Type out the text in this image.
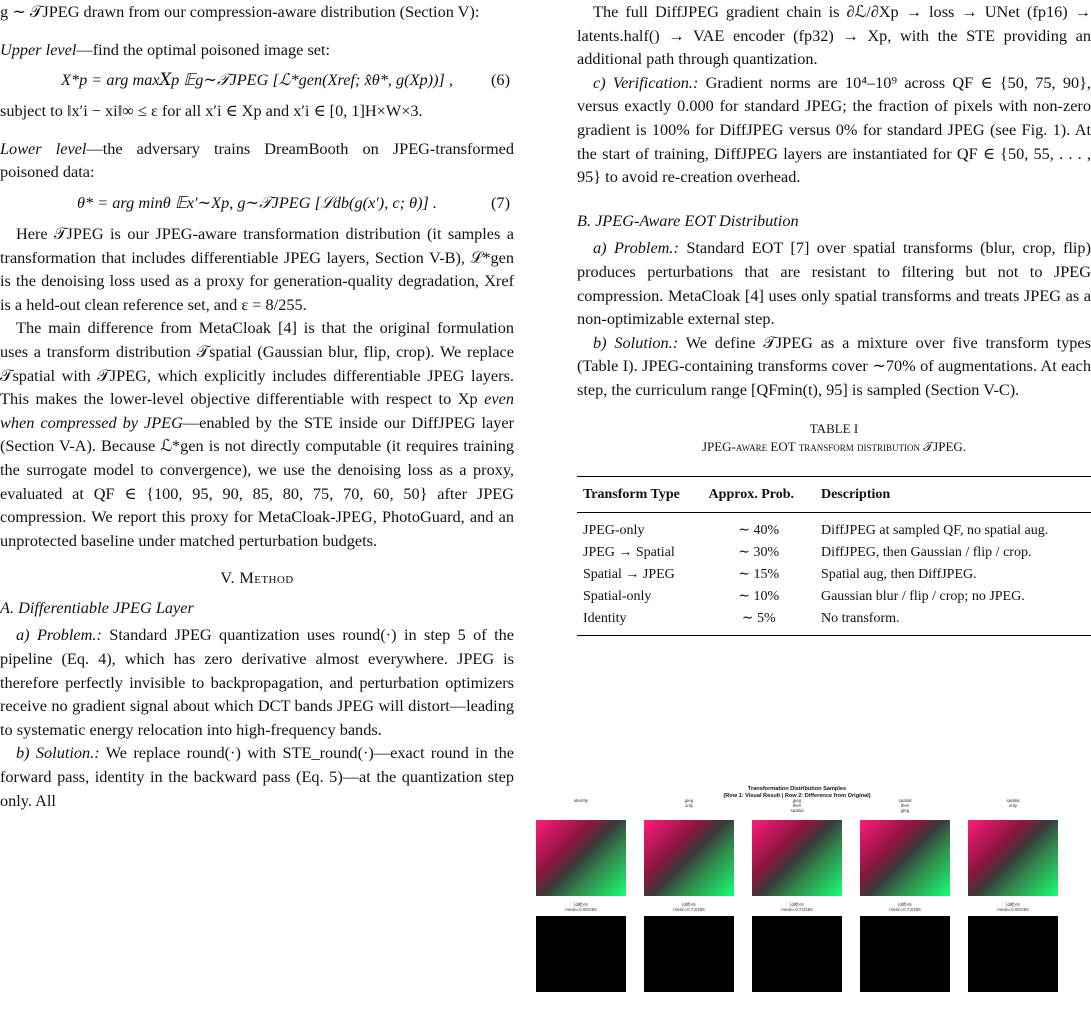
g ∼ 𝒯JPEG drawn from our compression-aware distribution (Section V):

Upper level—find the optimal poisoned image set:

X*p = arg max𝑋p 𝔼g∼𝒯JPEG [ℒ*gen(Xref; x̂θ*, g(Xp))] , (6)

subject to ‖x′i − xi‖∞ ≤ ε for all x′i ∈ Xp and x′i ∈ [0, 1]H×W×3.

Lower level—the adversary trains DreamBooth on JPEG-transformed poisoned data:

θ* = arg minθ 𝔼x′∼Xp, g∼𝒯JPEG [ℒdb(g(x′), c; θ)] .	(7)

Here 𝒯JPEG is our JPEG-aware transformation distribution (it samples a transformation that includes differentiable JPEG layers, Section V-B), ℒ*gen is the denoising loss used as a proxy for generation-quality degradation, Xref is a held-out clean reference set, and ε = 8/255.

The main difference from MetaCloak [4] is that the original formulation uses a transform distribution 𝒯spatial (Gaussian blur, flip, crop). We replace 𝒯spatial with 𝒯JPEG, which explicitly includes differentiable JPEG layers. This makes the lower-level objective differentiable with respect to Xp even when compressed by JPEG—enabled by the STE inside our DiffJPEG layer (Section V-A). Because ℒ*gen is not directly computable (it requires training the surrogate model to convergence), we use the denoising loss as a proxy, evaluated at QF ∈ {100, 95, 90, 85, 80, 75, 70, 60, 50} after JPEG compression. We report this proxy for MetaCloak-JPEG, PhotoGuard, and an unprotected baseline under matched perturbation budgets.

V. Method
A. Differentiable JPEG Layer

a) Problem.: Standard JPEG quantization uses round(·) in step 5 of the pipeline (Eq. 4), which has zero derivative almost everywhere. JPEG is therefore perfectly invisible to backpropagation, and perturbation optimizers receive no gradient signal about which DCT bands JPEG will distort—leading to systematic energy relocation into high-frequency bands.

b) Solution.: We replace round(·) with STE_round(·)—exact round in the forward pass, identity in the backward pass (Eq. 5)—at the quantization step only. All

The full DiffJPEG gradient chain is ∂ℒ/∂Xp → loss → UNet (fp16) → latents.half() → VAE encoder (fp32) → Xp, with the STE providing an additional path through quantization.

c) Verification.: Gradient norms are 10⁴–10⁹ across QF ∈ {50, 75, 90}, versus exactly 0.000 for standard JPEG; the fraction of pixels with non-zero gradient is 100% for DiffJPEG versus 0% for standard JPEG (see Fig. 1). At the start of training, DiffJPEG layers are instantiated for QF ∈ {50, 55, . . . , 95} to avoid re-creation overhead.

B. JPEG-Aware EOT Distribution

a) Problem.: Standard EOT [7] over spatial transforms (blur, crop, flip) produces perturbations that are resistant to filtering but not to JPEG compression. MetaCloak [4] uses only spatial transforms and treats JPEG as a non-optimizable external step.

b) Solution.: We define 𝒯JPEG as a mixture over five transform types (Table I). JPEG-containing transforms cover ∼70% of augmentations. At each step, the curriculum range [QFmin(t), 95] is sampled (Section V-C).

TABLE I
JPEG-aware EOT transform distribution 𝒯JPEG.
Transform Type	Approx. Prob.	Description
JPEG-only	∼ 40%	DiffJPEG at sampled QF, no spatial aug.
JPEG → Spatial	∼ 30%	DiffJPEG, then Gaussian / flip / crop.
Spatial → JPEG	∼ 15%	Spatial aug, then DiffJPEG.
Spatial-only	∼ 10%	Gaussian blur / flip / crop; no JPEG.
Identity	∼ 5%	No transform.
Transformation Distribution Samples
(Row 1: Visual Result | Row 2: Difference from Original)
identity	jpeg
only
jpeg
then
spatial
spatial
then
jpeg
spatial
only
|diff|×5
mean=0.00/255
|diff|×5
mean=0.74/255
|diff|×5
mean=0.74/255
|diff|×5
mean=0.74/255
|diff|×5
mean=0.00/255
